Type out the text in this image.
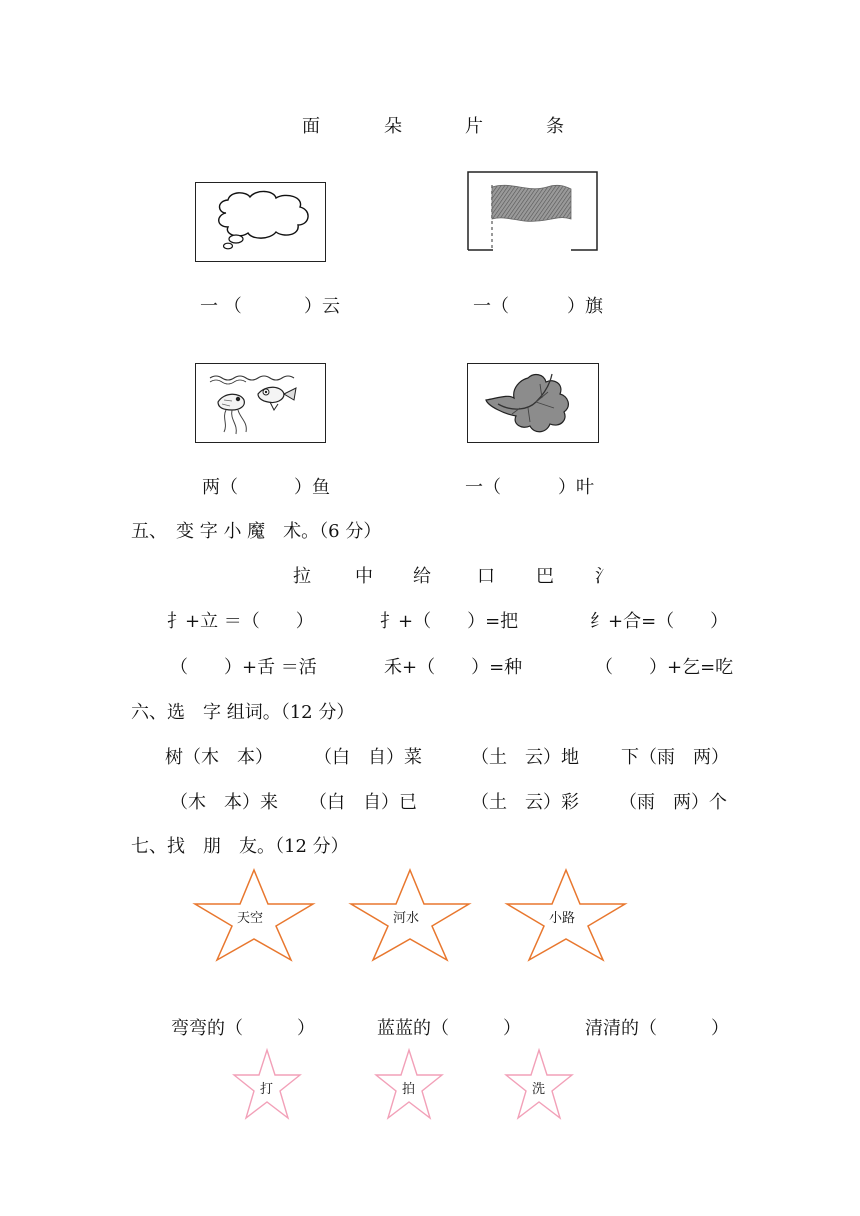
面	朵	片	条
一 （	）云	一（	）旗
两（	）鱼	一（	）叶
五、　变 字 小 魔　术。（6 分）
拉 中 给	口 巴 氵
扌+立 ＝（　　）	扌+（　　）=把	纟+合=（　　）
（　　）+舌 ＝活	禾+（　　）=种	（　　）+乞=吃
六、选　字 组词。（12 分）
树（木　本） （白　自）菜	（土　云）地 下（雨　两）
（木　本）来 （白　自）已	（土　云）彩 （雨　两）个
七、找　朋　友。（12 分）
天空	河水	小路
弯弯的（　　　）	蓝蓝的（　　　）	清清的（　　　）
打	拍	洗
